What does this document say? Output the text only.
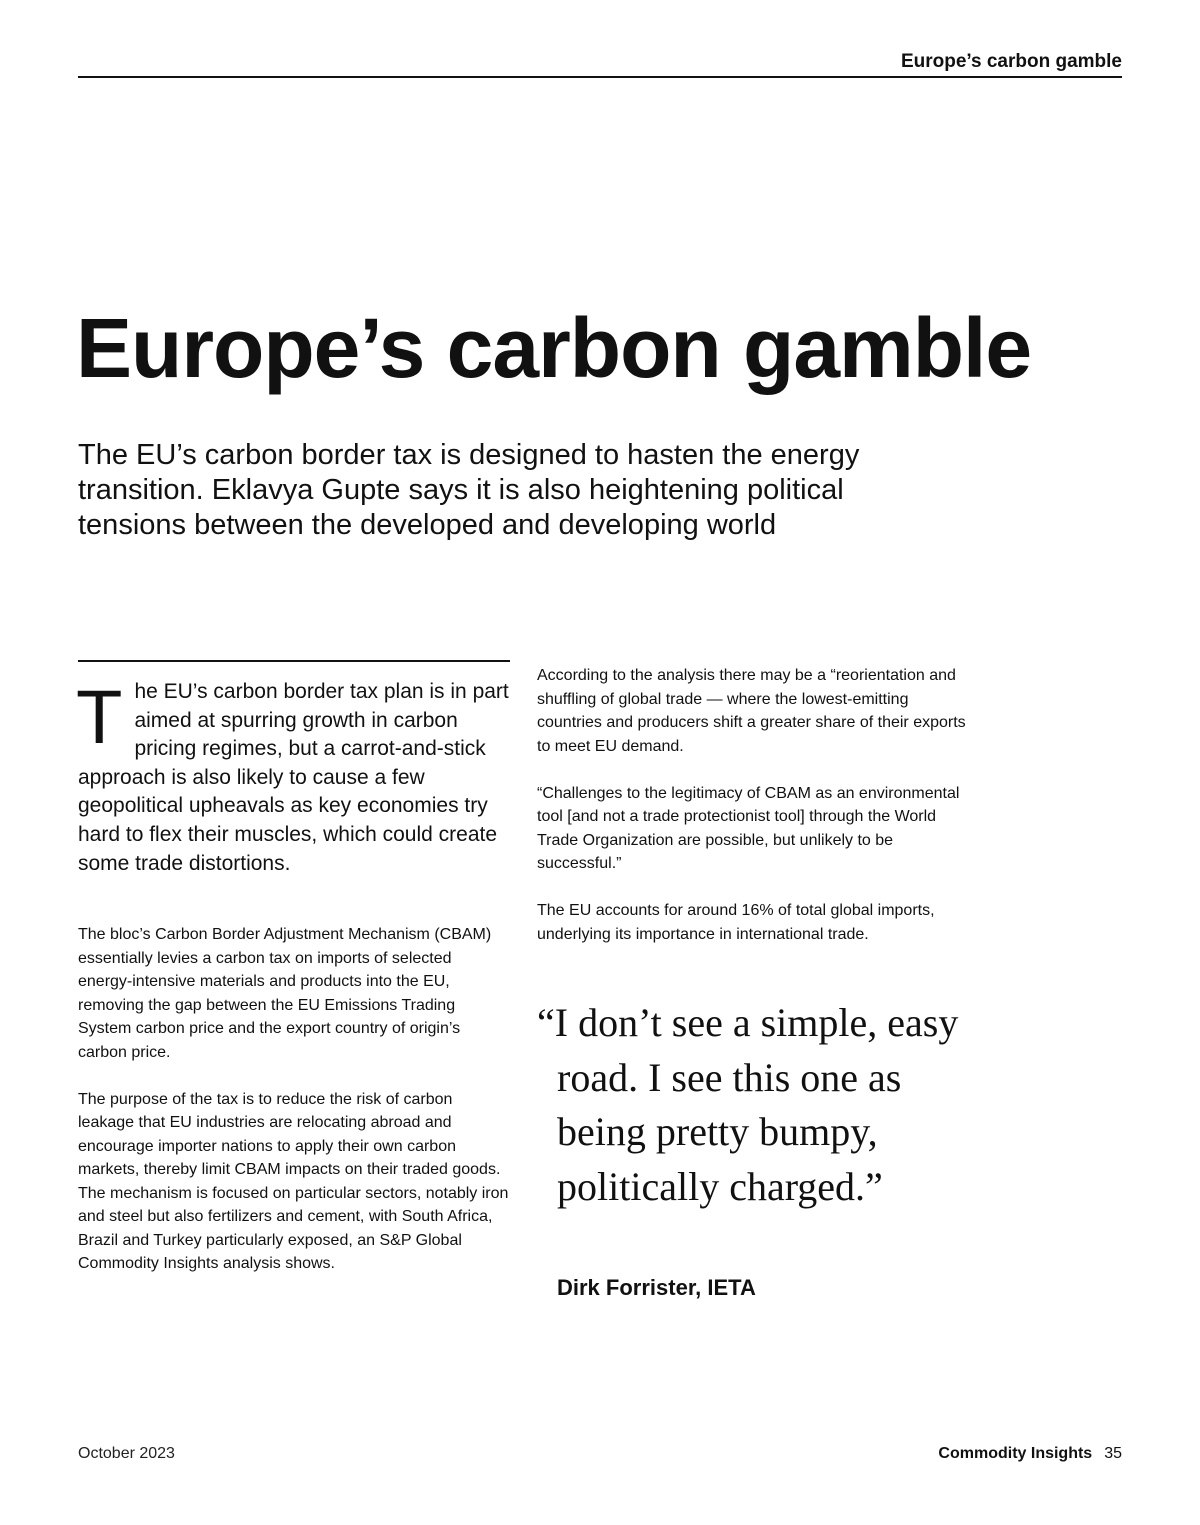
Europe’s carbon gamble
Europe’s carbon gamble

The EU’s carbon border tax is designed to hasten the energy transition. Eklavya Gupte says it is also heightening political tensions between the developed and developing world

The EU’s carbon border tax plan is in part aimed at spurring growth in carbon pricing regimes, but a carrot-and-stick approach is also likely to cause a few geopolitical upheavals as key economies try hard to flex their muscles, which could create some trade distortions.

The bloc’s Carbon Border Adjustment Mechanism (CBAM) essentially levies a carbon tax on imports of selected energy-intensive materials and products into the EU, removing the gap between the EU Emissions Trading System carbon price and the export country of origin’s carbon price.

The purpose of the tax is to reduce the risk of carbon leakage that EU industries are relocating abroad and encourage importer nations to apply their own carbon markets, thereby limit CBAM impacts on their traded goods. The mechanism is focused on particular sectors, notably iron and steel but also fertilizers and cement, with South Africa, Brazil and Turkey particularly exposed, an S&P Global Commodity Insights analysis shows.

According to the analysis there may be a “reorientation and shuffling of global trade — where the lowest-emitting countries and producers shift a greater share of their exports to meet EU demand.

“Challenges to the legitimacy of CBAM as an environmental tool [and not a trade protectionist tool] through the World Trade Organization are possible, but unlikely to be successful.”

The EU accounts for around 16% of total global imports, underlying its importance in international trade.

“I don’t see a simple, easy road. I see this one as being pretty bumpy, politically charged.”

Dirk Forrister, IETA
October 2023	Commodity Insights 35
